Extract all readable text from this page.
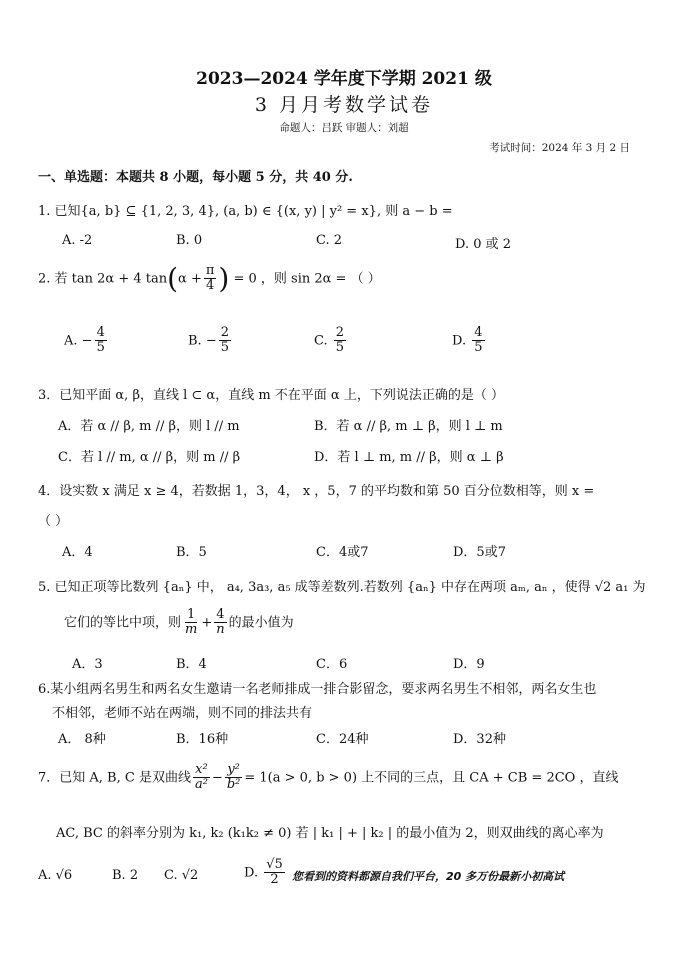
2023—2024 学年度下学期 2021 级
3 月月考数学试卷
命题人：吕跃 审题人：刘超
考试时间：2024 年 3 月 2 日
一、单选题：本题共 8 小题，每小题 5 分，共 40 分.
1. 已知{a, b} ⊆ {1, 2, 3, 4}, (a, b) ∈ {(x, y) | y² = x}, 则 a − b =
A. -2	B. 0	C. 2	D. 0 或 2
2. 若 tan 2α + 4 $\tan(\alpha + \frac{\pi}{4}$ ) = 0 ，则 sin 2α = （ ）
A. − $\frac{4}{5}$	B. − $\frac{2}{5}$	C. $\frac{2}{5}$	D. $\frac{4}{5}$
3．已知平面 α, β，直线 l ⊂ α，直线 m 不在平面 α 上，下列说法正确的是（ ）
A．若 α // β, m // β，则 l // m	B．若 α // β, m ⊥ β，则 l ⊥ m
C．若 l // m, α // β，则 m // β	D．若 l ⊥ m, m // β，则 α ⊥ β
4．设实数 x 满足 x ≥ 4，若数据 1，3，4， x ，5，7 的平均数和第 50 百分位数相等，则 x =
（ ）
A．4	B．5	C．4或7	D．5或7
5. 已知正项等比数列 {aₙ} 中， a₄, 3a₃, a₅ 成等差数列.若数列 {aₙ} 中存在两项 aₘ, aₙ ，使得 √2 a₁ 为
它们的等比中项，则 $\frac{1}{m} + \frac{4}{n}$ 的最小值为
A．3	B．4	C．6	D．9
6.某小组两名男生和两名女生邀请一名老师排成一排合影留念，要求两名男生不相邻，两名女生也
不相邻，老师不站在两端，则不同的排法共有
A． 8种	B．16种	C．24种	D．32种
7．已知 A, B, C 是双曲线 $\frac{\text{x²}}{\text{a²}} - \frac{\text{y²}}{\text{b²}} = 1(a > 0$, b > 0) 上不同的三点，且 CA + CB = 2CO ，直线
AC, BC 的斜率分别为 k₁, k₂ (k₁k₂ ≠ 0) 若 | k₁ | + | k₂ | 的最小值为 2，则双曲线的离心率为
A. √6	B. 2 C. √2	D. $\frac{√5}{2}$ 您看到的资料都源自我们平台，20 多万份最新小初高试
